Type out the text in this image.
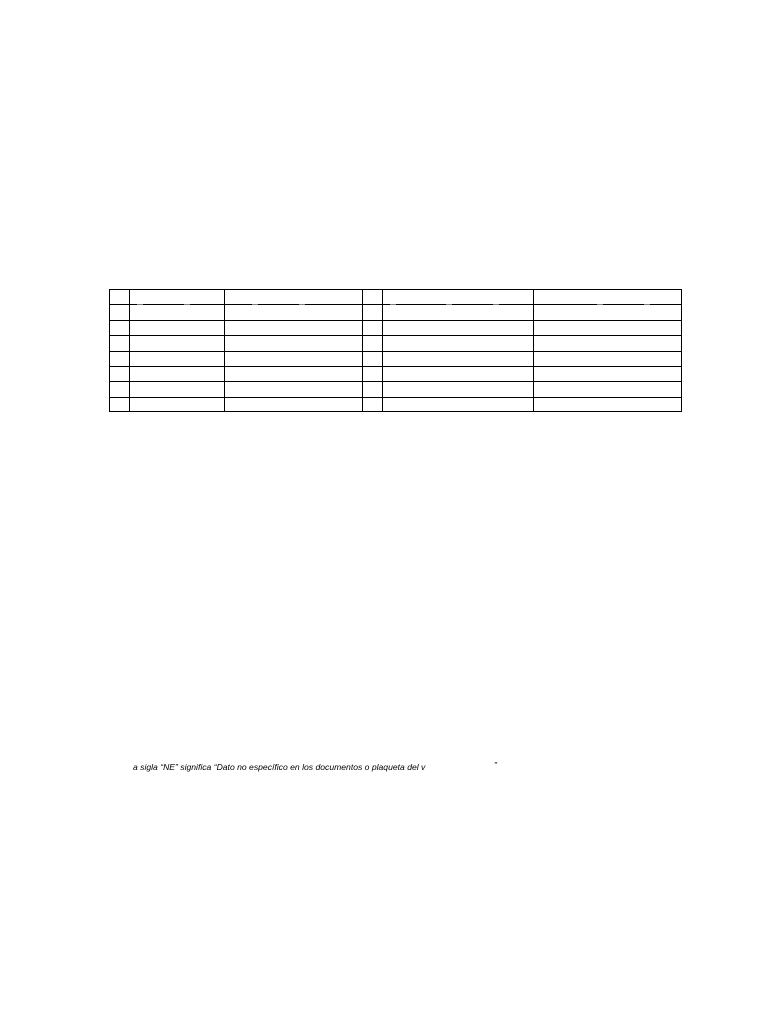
a sigla “NE” significa “Dato no específico en los documentos o plaqueta del v	”
